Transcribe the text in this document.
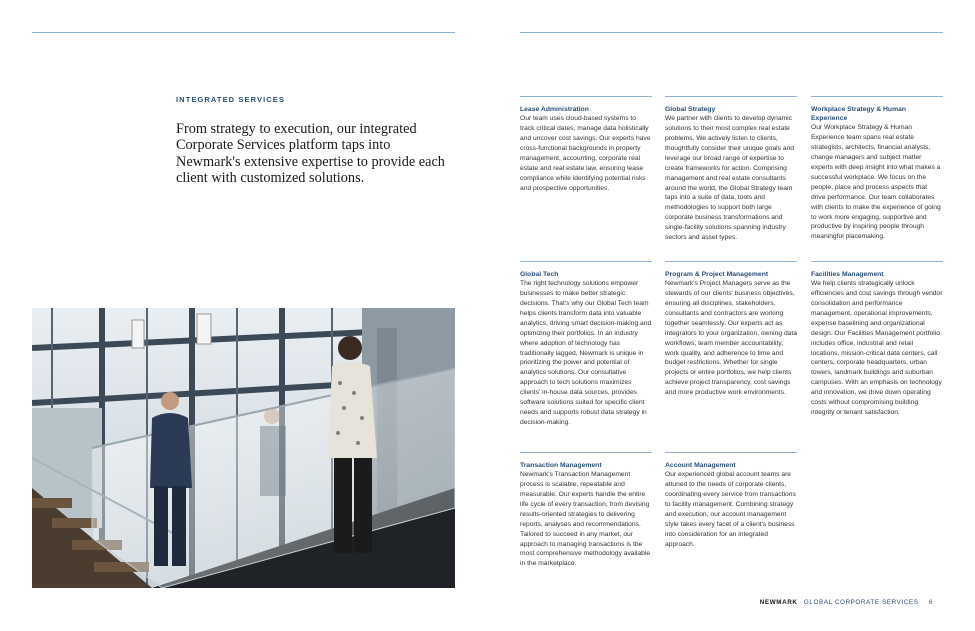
INTEGRATED SERVICES
From strategy to execution, our integrated Corporate Services platform taps into Newmark's extensive expertise to provide each client with customized solutions.
Lease Administration

Our team uses cloud-based systems to track critical dates, manage data holistically and uncover cost savings. Our experts have cross-functional backgrounds in property management, accounting, corporate real estate and real estate law, ensuring lease compliance while identifying potential risks and prospective opportunities.

Global Strategy

We partner with clients to develop dynamic solutions to their most complex real estate problems. We actively listen to clients, thoughtfully consider their unique goals and leverage our broad range of expertise to create frameworks for action. Comprising management and real estate consultants around the world, the Global Strategy team taps into a suite of data, tools and methodologies to support both large corporate business transformations and single-facility solutions spanning industry sectors and asset types.

Workplace Strategy & Human Experience

Our Workplace Strategy & Human Experience team spans real estate strategists, architects, financial analysts, change managers and subject matter experts with deep insight into what makes a successful workplace. We focus on the people, place and process aspects that drive performance. Our team collaborates with clients to make the experience of going to work more engaging, supportive and productive by inspiring people through meaningful placemaking.

Global Tech

The right technology solutions empower businesses to make better strategic decisions. That's why our Global Tech team helps clients transform data into valuable analytics, driving smart decision-making and optimizing their portfolios. In an industry where adoption of technology has traditionally lagged, Newmark is unique in prioritizing the power and potential of analytics solutions. Our consultative approach to tech solutions maximizes clients' in-house data sources, provides software solutions suited for specific client needs and supports robust data strategy in decision-making.

Program & Project Management

Newmark's Project Managers serve as the stewards of our clients' business objectives, ensuring all disciplines, stakeholders, consultants and contractors are working together seamlessly. Our experts act as integrators to your organization, owning data workflows, team member accountability, work quality, and adherence to time and budget restrictions. Whether for single projects or entire portfolios, we help clients achieve project transparency, cost savings and more productive work environments.

Facilities Management

We help clients strategically unlock efficiencies and cost savings through vendor consolidation and performance management, operational improvements, expense baselining and organizational design. Our Facilities Management portfolio includes office, industrial and retail locations, mission-critical data centers, call centers, corporate headquarters, urban towers, landmark buildings and suburban campuses. With an emphasis on technology and innovation, we drive down operating costs without compromising building integrity or tenant satisfaction.

Transaction Management

Newmark's Transaction Management process is scalable, repeatable and measurable. Our experts handle the entire life cycle of every transaction, from devising results-oriented strategies to delivering reports, analyses and recommendations. Tailored to succeed in any market, our approach to managing transactions is the most comprehensive methodology available in the marketplace.

Account Management

Our experienced global account teams are attuned to the needs of corporate clients, coordinating every service from transactions to facility management. Combining strategy and execution, our account management style takes every facet of a client's business into consideration for an integrated approach.

NEWMARK GLOBAL CORPORATE SERVICES 6
